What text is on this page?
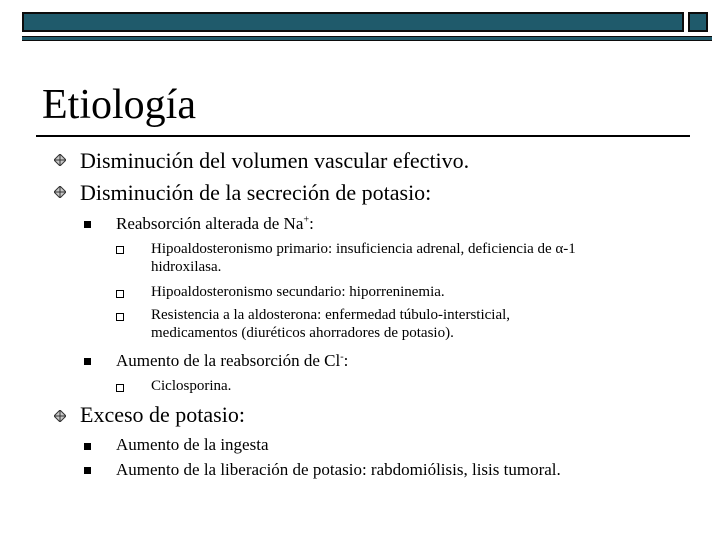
Etiología
Disminución del volumen vascular efectivo.
Disminución de la secreción de potasio:
Reabsorción alterada de Na+:
Hipoaldosteronismo primario: insuficiencia adrenal, deficiencia de α-1
hidroxilasa.
Hipoaldosteronismo secundario: hiporreninemia.
Resistencia a la aldosterona: enfermedad túbulo-intersticial,
medicamentos (diuréticos ahorradores de potasio).
Aumento de la reabsorción de Cl-:
Ciclosporina.
Exceso de potasio:
Aumento de la ingesta
Aumento de la liberación de potasio: rabdomiólisis, lisis tumoral.
